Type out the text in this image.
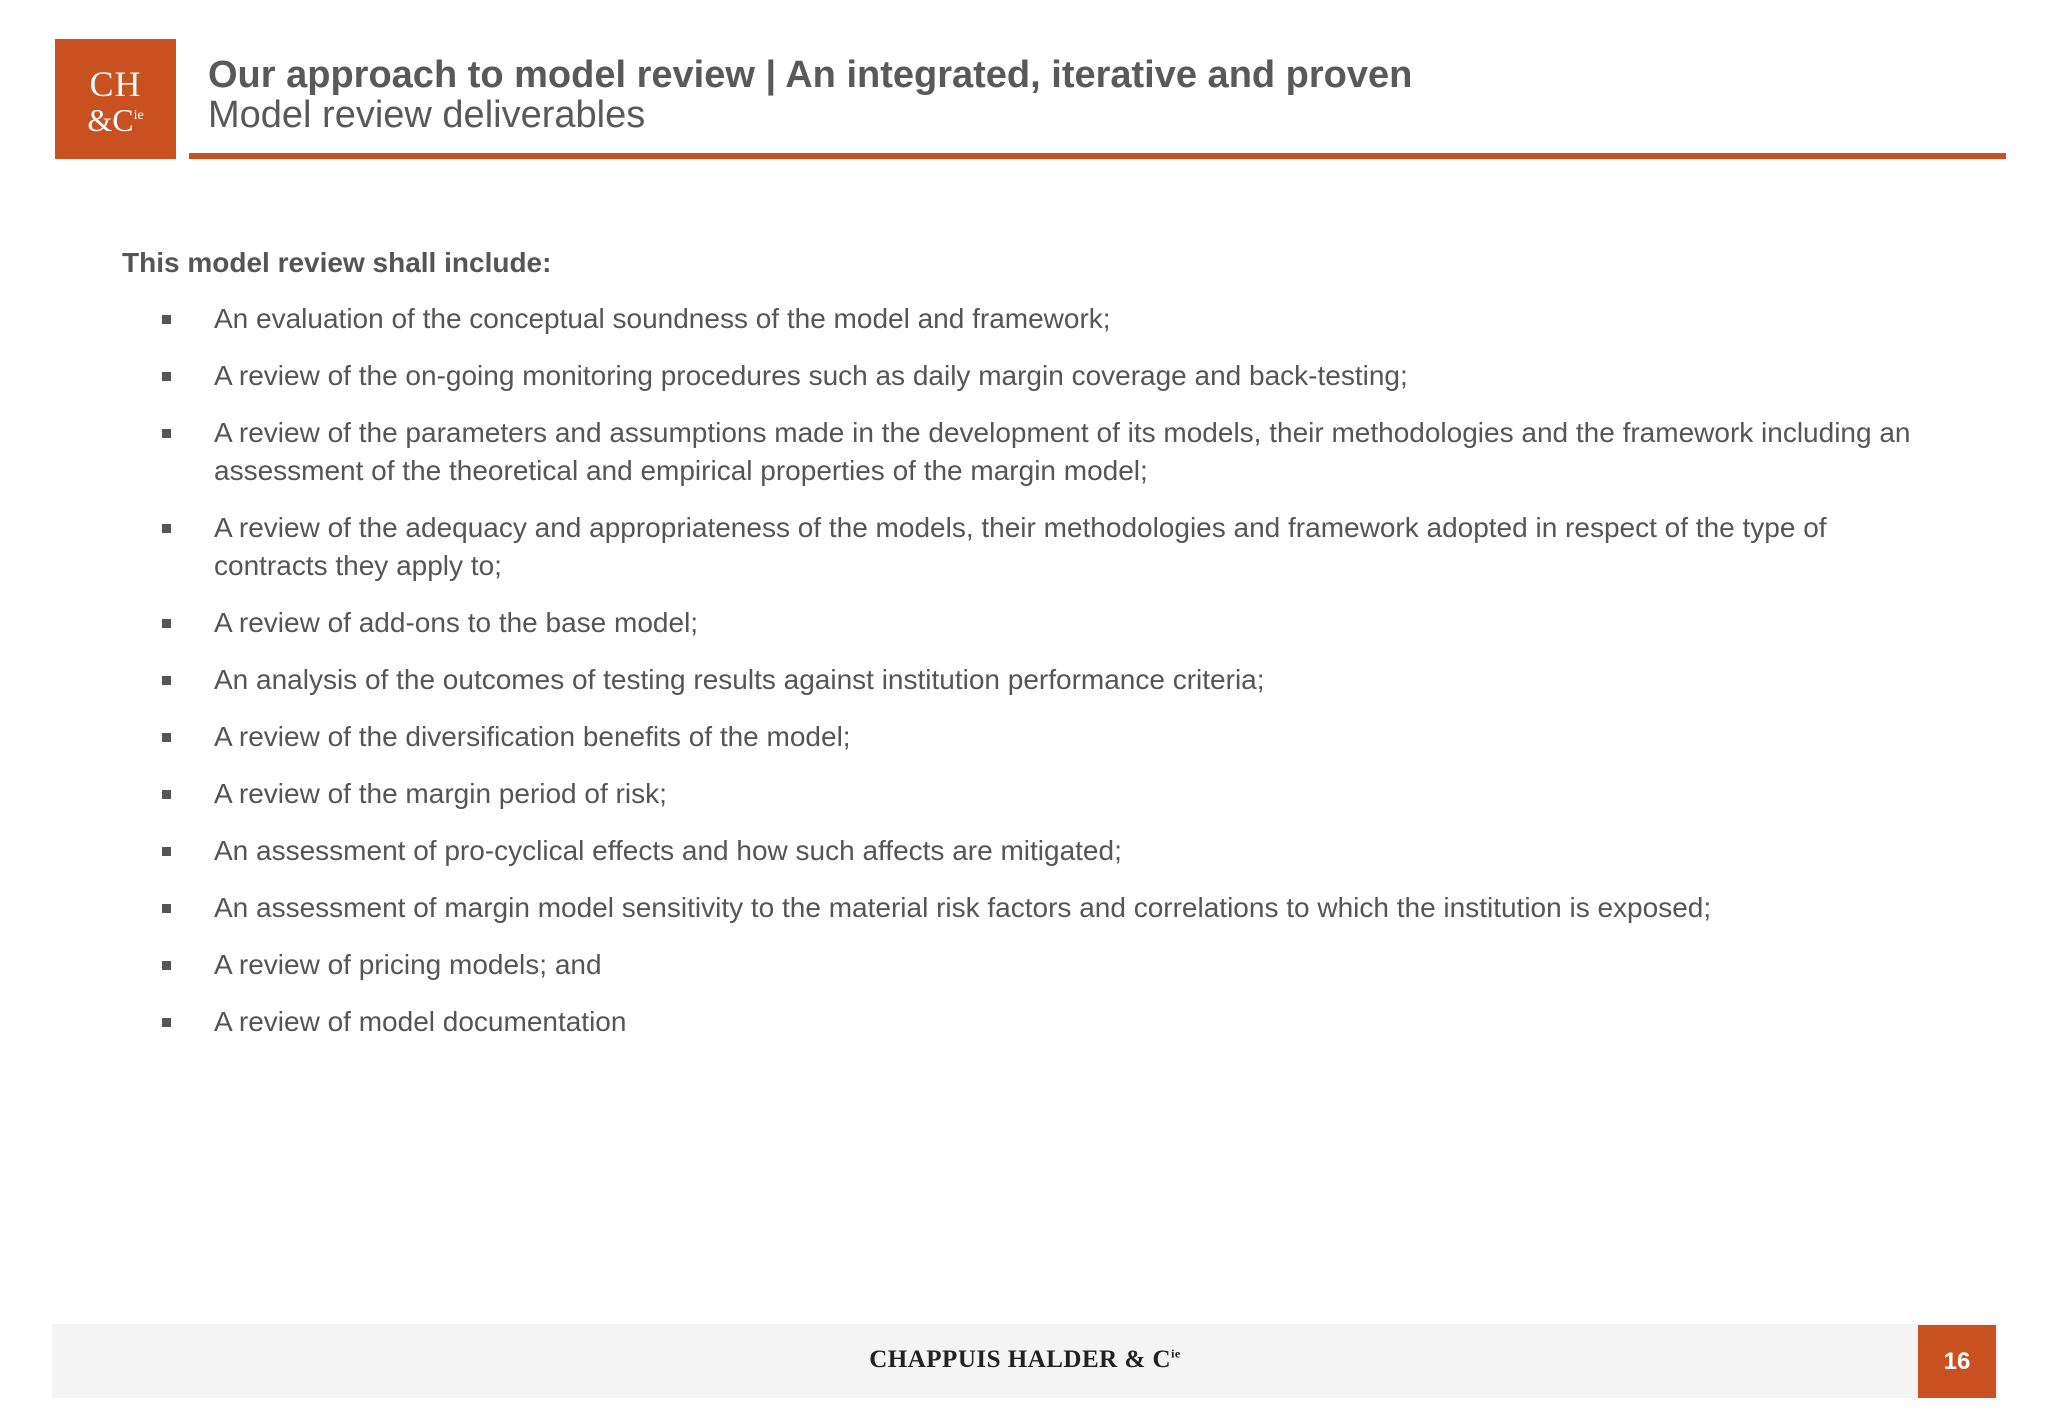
CH
$\&C^{ie}$
Our approach to model review | An integrated, iterative and proven
Model review deliverables
This model review shall include:
An evaluation of the conceptual soundness of the model and framework;
A review of the on-going monitoring procedures such as daily margin coverage and back-testing;
A review of the parameters and assumptions made in the development of its models, their methodologies and the framework including an assessment of the theoretical and empirical properties of the margin model;
A review of the adequacy and appropriateness of the models, their methodologies and framework adopted in respect of the type of contracts they apply to;
A review of add-ons to the base model;
An analysis of the outcomes of testing results against institution performance criteria;
A review of the diversification benefits of the model;
A review of the margin period of risk;
An assessment of pro-cyclical effects and how such affects are mitigated;
An assessment of margin model sensitivity to the material risk factors and correlations to which the institution is exposed;
A review of pricing models; and
A review of model documentation
CHAPPUIS HALDER & $C^{ie}$	16
